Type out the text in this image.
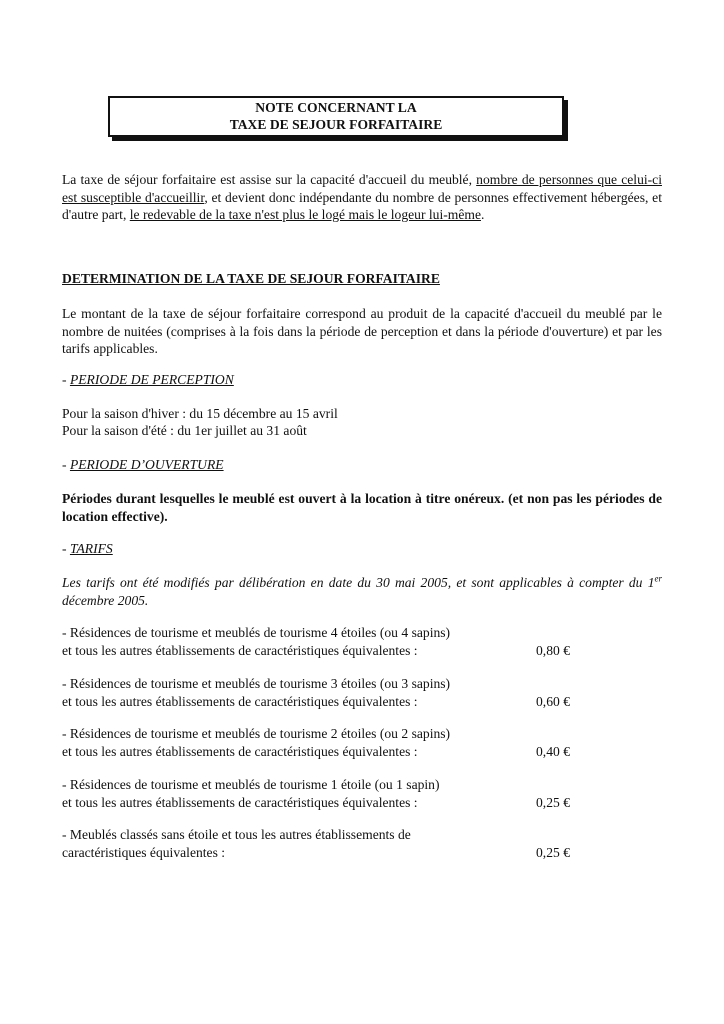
NOTE CONCERNANT LA
TAXE DE SEJOUR FORFAITAIRE
La taxe de séjour forfaitaire est assise sur la capacité d'accueil du meublé, nombre de personnes que celui-ci est susceptible d'accueillir, et devient donc indépendante du nombre de personnes effectivement hébergées, et d'autre part, le redevable de la taxe n'est plus le logé mais le logeur lui-même.
DETERMINATION DE LA TAXE DE SEJOUR FORFAITAIRE
Le montant de la taxe de séjour forfaitaire correspond au produit de la capacité d'accueil du meublé par le nombre de nuitées (comprises à la fois dans la période de perception et dans la période d'ouverture) et par les tarifs applicables.
- PERIODE DE PERCEPTION
Pour la saison d'hiver : du 15 décembre au 15 avril
Pour la saison d'été : du 1er juillet au 31 août
- PERIODE D’OUVERTURE
Périodes durant lesquelles le meublé est ouvert à la location à titre onéreux. (et non pas les périodes de location effective).
- TARIFS
Les tarifs ont été modifiés par délibération en date du 30 mai 2005, et sont applicables à compter du 1er décembre 2005.
- Résidences de tourisme et meublés de tourisme 4 étoiles (ou 4 sapins)
et tous les autres établissements de caractéristiques équivalentes :	0,80 €
- Résidences de tourisme et meublés de tourisme 3 étoiles (ou 3 sapins)
et tous les autres établissements de caractéristiques équivalentes :	0,60 €
- Résidences de tourisme et meublés de tourisme 2 étoiles (ou 2 sapins)
et tous les autres établissements de caractéristiques équivalentes :	0,40 €
- Résidences de tourisme et meublés de tourisme 1 étoile (ou 1 sapin)
et tous les autres établissements de caractéristiques équivalentes :	0,25 €
- Meublés classés sans étoile et tous les autres établissements de
caractéristiques équivalentes :	0,25 €
